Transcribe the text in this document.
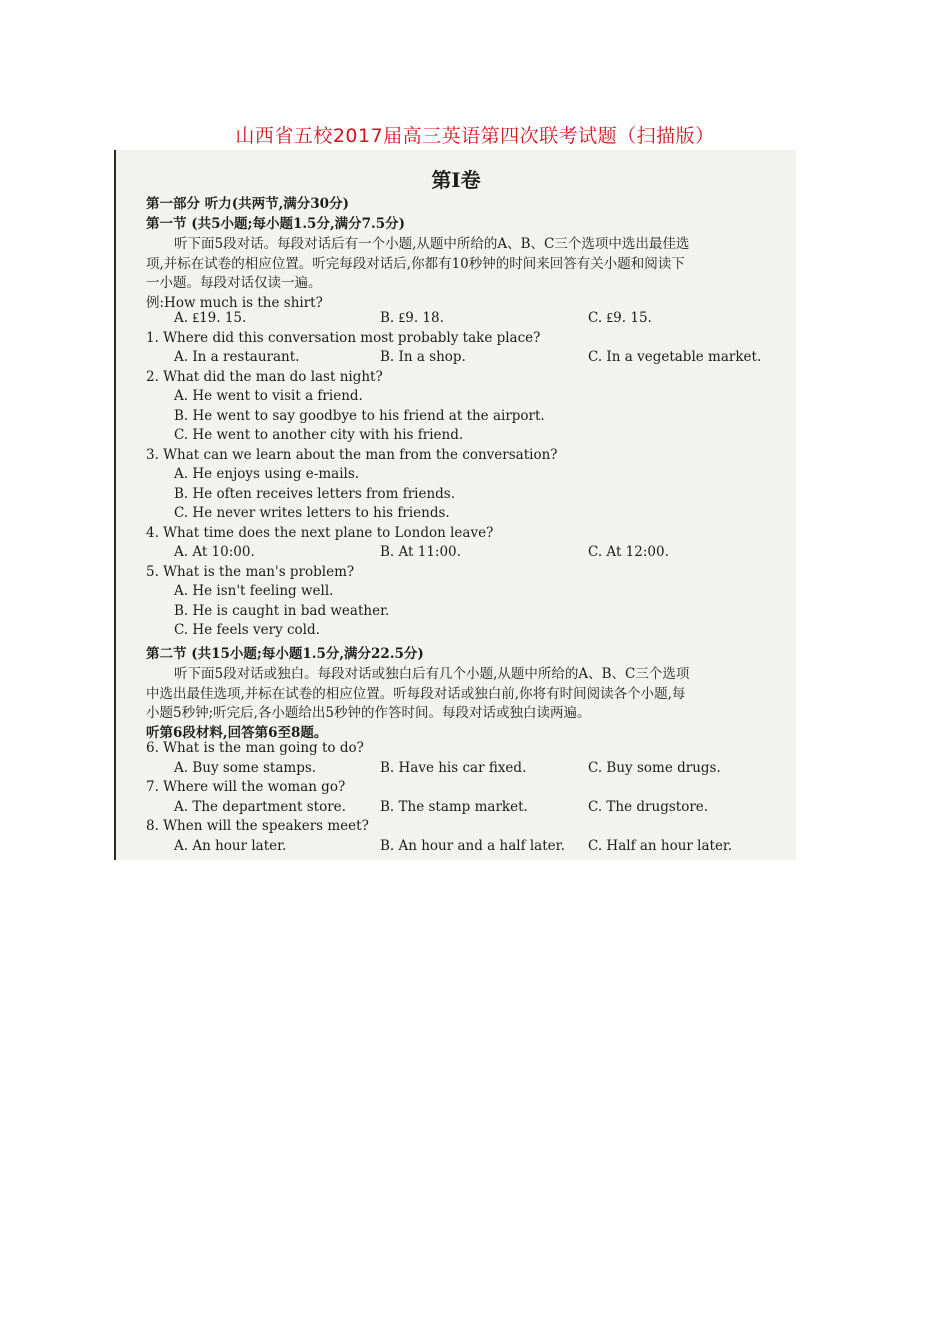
山西省五校2017届高三英语第四次联考试题（扫描版）
第Ⅰ卷
第一部分 听力(共两节,满分30分)
第一节 (共5小题;每小题1.5分,满分7.5分)
听下面5段对话。每段对话后有一个小题,从题中所给的A、B、C三个选项中选出最佳选
项,并标在试卷的相应位置。听完每段对话后,你都有10秒钟的时间来回答有关小题和阅读下
一小题。每段对话仅读一遍。
例:How much is the shirt?
A. ₤19. 15.	B. ₤9. 18.	C. ₤9. 15.
1. Where did this conversation most probably take place?
A. In a restaurant.	B. In a shop.	C. In a vegetable market.
2. What did the man do last night?
A. He went to visit a friend.
B. He went to say goodbye to his friend at the airport.
C. He went to another city with his friend.
3. What can we learn about the man from the conversation?
A. He enjoys using e-mails.
B. He often receives letters from friends.
C. He never writes letters to his friends.
4. What time does the next plane to London leave?
A. At 10:00.	B. At 11:00.	C. At 12:00.
5. What is the man's problem?
A. He isn't feeling well.
B. He is caught in bad weather.
C. He feels very cold.
第二节 (共15小题;每小题1.5分,满分22.5分)
听下面5段对话或独白。每段对话或独白后有几个小题,从题中所给的A、B、C三个选项
中选出最佳选项,并标在试卷的相应位置。听每段对话或独白前,你将有时间阅读各个小题,每
小题5秒钟;听完后,各小题给出5秒钟的作答时间。每段对话或独白读两遍。
听第6段材料,回答第6至8题。
6. What is the man going to do?
A. Buy some stamps.	B. Have his car fixed.	C. Buy some drugs.
7. Where will the woman go?
A. The department store.	B. The stamp market.	C. The drugstore.
8. When will the speakers meet?
A. An hour later.	B. An hour and a half later. C. Half an hour later.
